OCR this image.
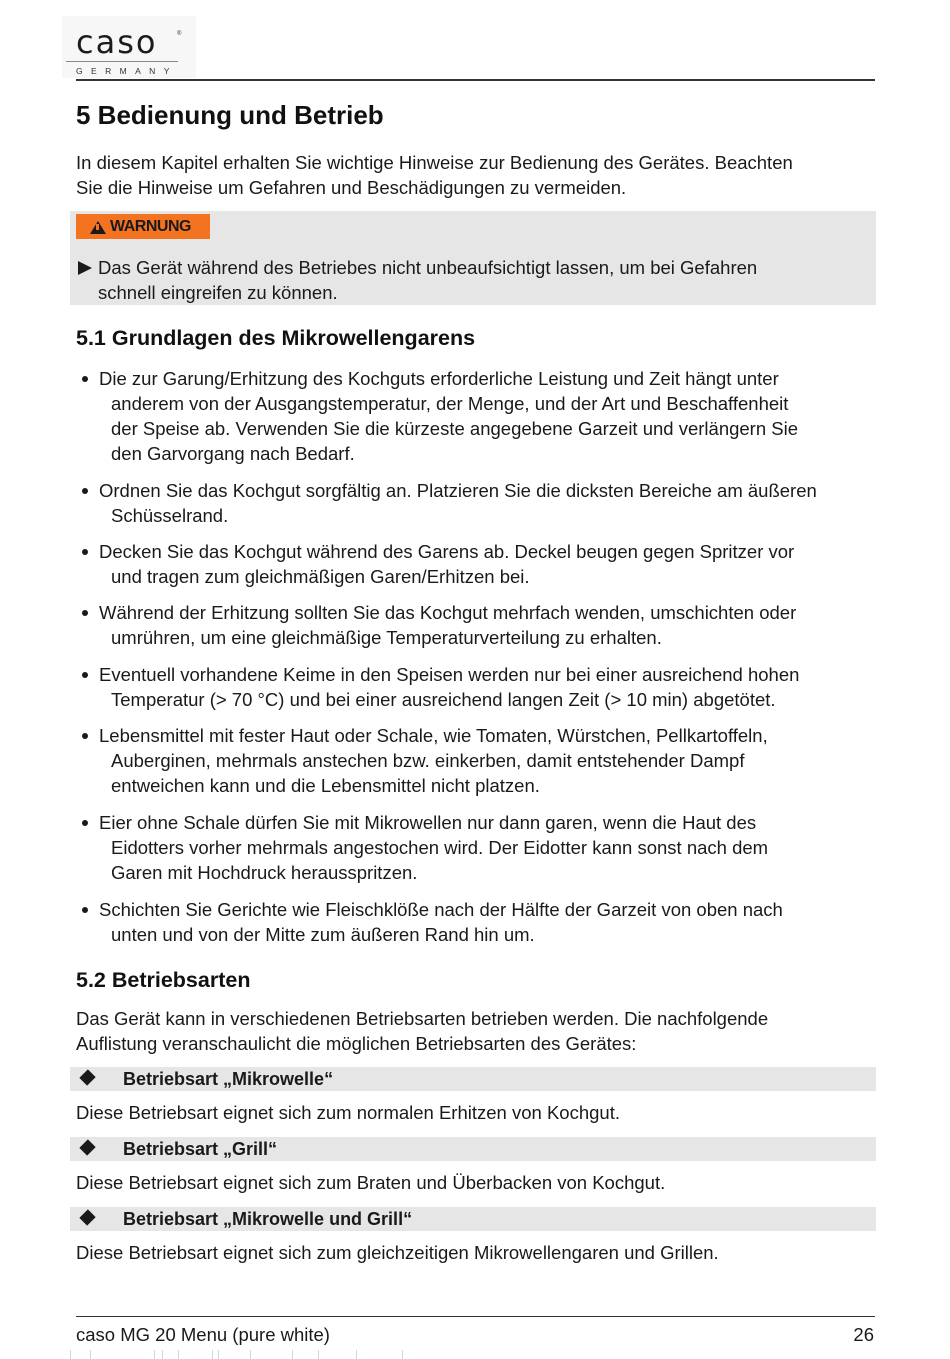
caso	®
GERMANY
5 Bedienung und Betrieb
In diesem Kapitel erhalten Sie wichtige Hinweise zur Bedienung des Gerätes. Beachten
Sie die Hinweise um Gefahren und Beschädigungen zu vermeiden.
WARNUNG
Das Gerät während des Betriebes nicht unbeaufsichtigt lassen, um bei Gefahren
schnell eingreifen zu können.
5.1 Grundlagen des Mikrowellengarens
Die zur Garung/Erhitzung des Kochguts erforderliche Leistung und Zeit hängt unter
anderem von der Ausgangstemperatur, der Menge, und der Art und Beschaffenheit
der Speise ab. Verwenden Sie die kürzeste angegebene Garzeit und verlängern Sie
den Garvorgang nach Bedarf.
Ordnen Sie das Kochgut sorgfältig an. Platzieren Sie die dicksten Bereiche am äußeren
Schüsselrand.
Decken Sie das Kochgut während des Garens ab. Deckel beugen gegen Spritzer vor
und tragen zum gleichmäßigen Garen/Erhitzen bei.
Während der Erhitzung sollten Sie das Kochgut mehrfach wenden, umschichten oder
umrühren, um eine gleichmäßige Temperaturverteilung zu erhalten.
Eventuell vorhandene Keime in den Speisen werden nur bei einer ausreichend hohen
Temperatur (> 70 °C) und bei einer ausreichend langen Zeit (> 10 min) abgetötet.
Lebensmittel mit fester Haut oder Schale, wie Tomaten, Würstchen, Pellkartoffeln,
Auberginen, mehrmals anstechen bzw. einkerben, damit entstehender Dampf
entweichen kann und die Lebensmittel nicht platzen.
Eier ohne Schale dürfen Sie mit Mikrowellen nur dann garen, wenn die Haut des
Eidotters vorher mehrmals angestochen wird. Der Eidotter kann sonst nach dem
Garen mit Hochdruck herausspritzen.
Schichten Sie Gerichte wie Fleischklöße nach der Hälfte der Garzeit von oben nach
unten und von der Mitte zum äußeren Rand hin um.
5.2 Betriebsarten
Das Gerät kann in verschiedenen Betriebsarten betrieben werden. Die nachfolgende
Auflistung veranschaulicht die möglichen Betriebsarten des Gerätes:
Betriebsart „Mikrowelle“
Diese Betriebsart eignet sich zum normalen Erhitzen von Kochgut.
Betriebsart „Grill“
Diese Betriebsart eignet sich zum Braten und Überbacken von Kochgut.
Betriebsart „Mikrowelle und Grill“
Diese Betriebsart eignet sich zum gleichzeitigen Mikrowellengaren und Grillen.
caso MG 20 Menu (pure white)	26
